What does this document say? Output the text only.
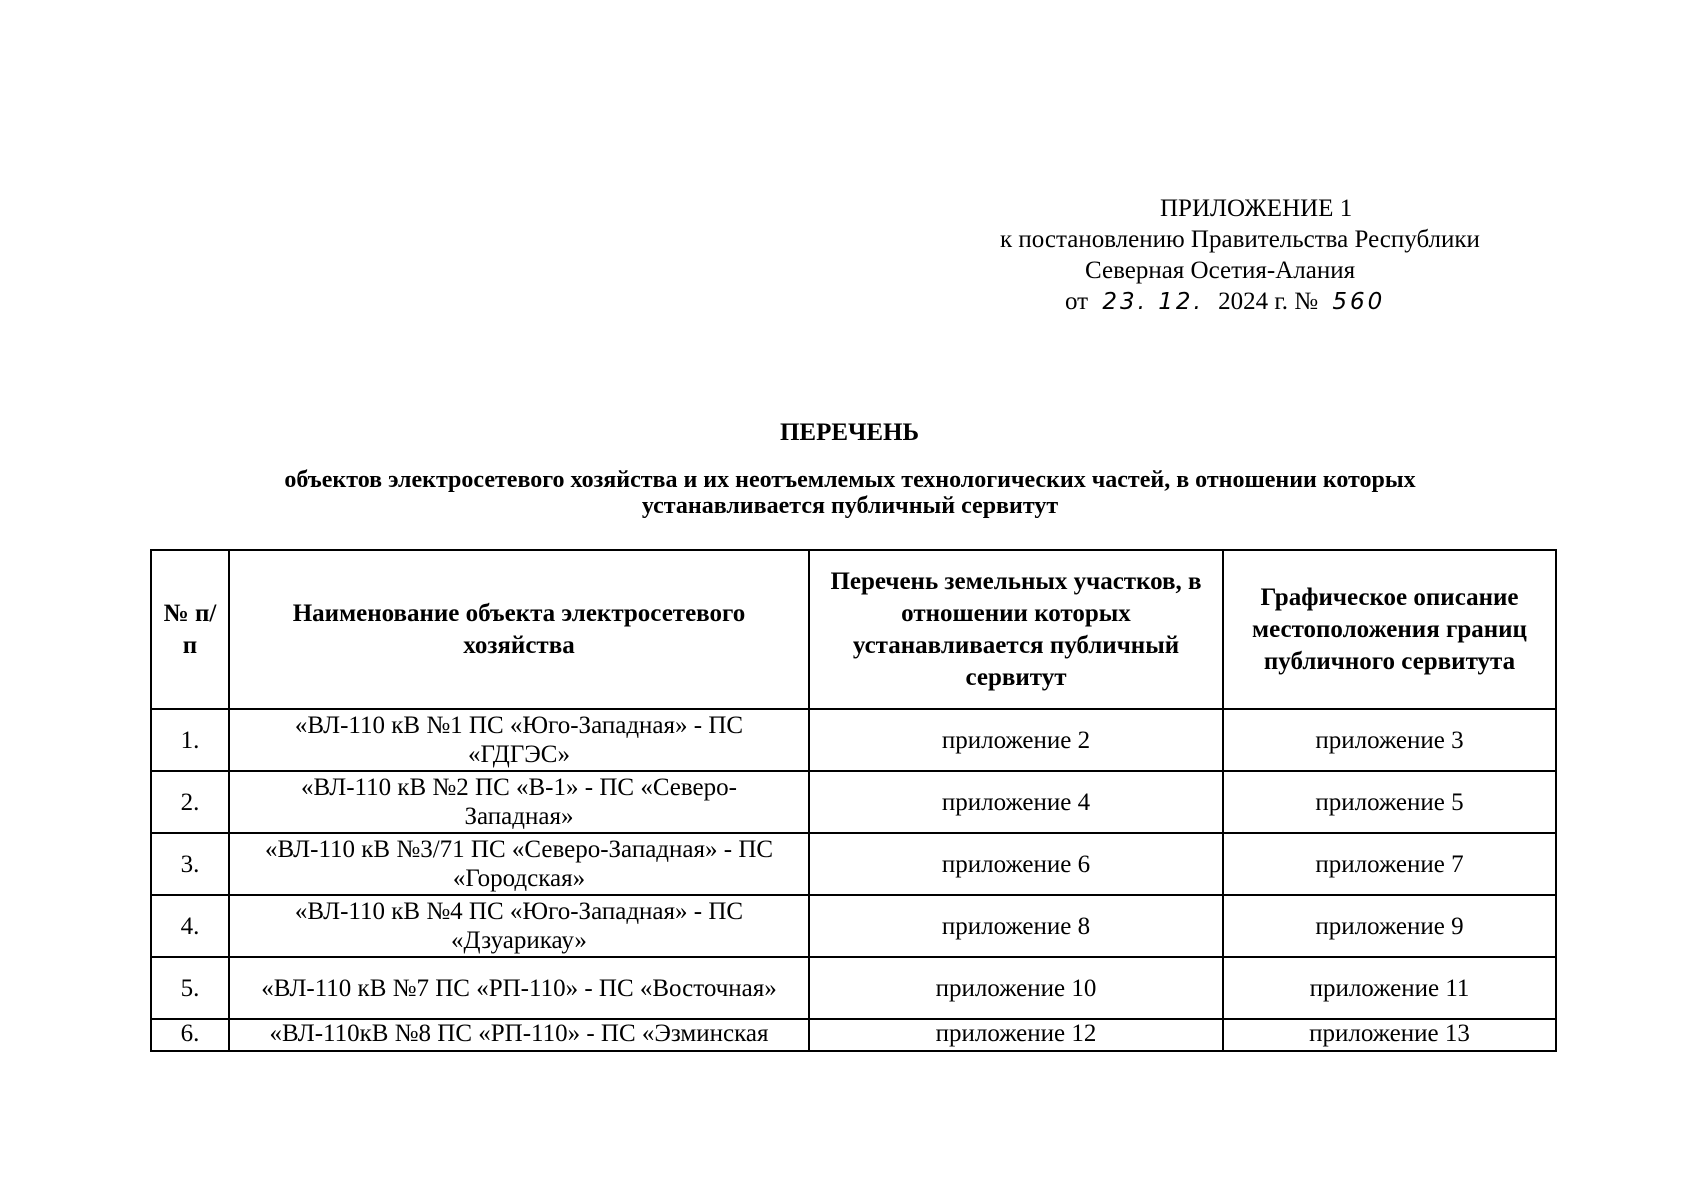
ПРИЛОЖЕНИЕ 1
к постановлению Правительства Республики
Северная Осетия-Алания
от 23. 12. 2024 г. № 560
ПЕРЕЧЕНЬ
объектов электросетевого хозяйства и их неотъемлемых технологических частей, в отношении которых устанавливается публичный сервитут
№ п/ п	Наименование объекта электросетевого хозяйства	Перечень земельных участков, в отношении которых устанавливается публичный сервитут	Графическое описание местоположения границ публичного сервитута
1.	«ВЛ-110 кВ №1 ПС «Юго-Западная» - ПС «ГДГЭС»	приложение 2	приложение 3
2.	«ВЛ-110 кВ №2 ПС «В-1» - ПС «Северо-Западная»	приложение 4	приложение 5
3.	«ВЛ-110 кВ №3/71 ПС «Северо-Западная» - ПС «Городская»	приложение 6	приложение 7
4.	«ВЛ-110 кВ №4 ПС «Юго-Западная» - ПС «Дзуарикау»	приложение 8	приложение 9
5.	«ВЛ-110 кВ №7 ПС «РП-110» - ПС «Восточная»	приложение 10	приложение 11
6.	«ВЛ-110кВ №8 ПС «РП-110» - ПС «Эзминская	приложение 12	приложение 13
